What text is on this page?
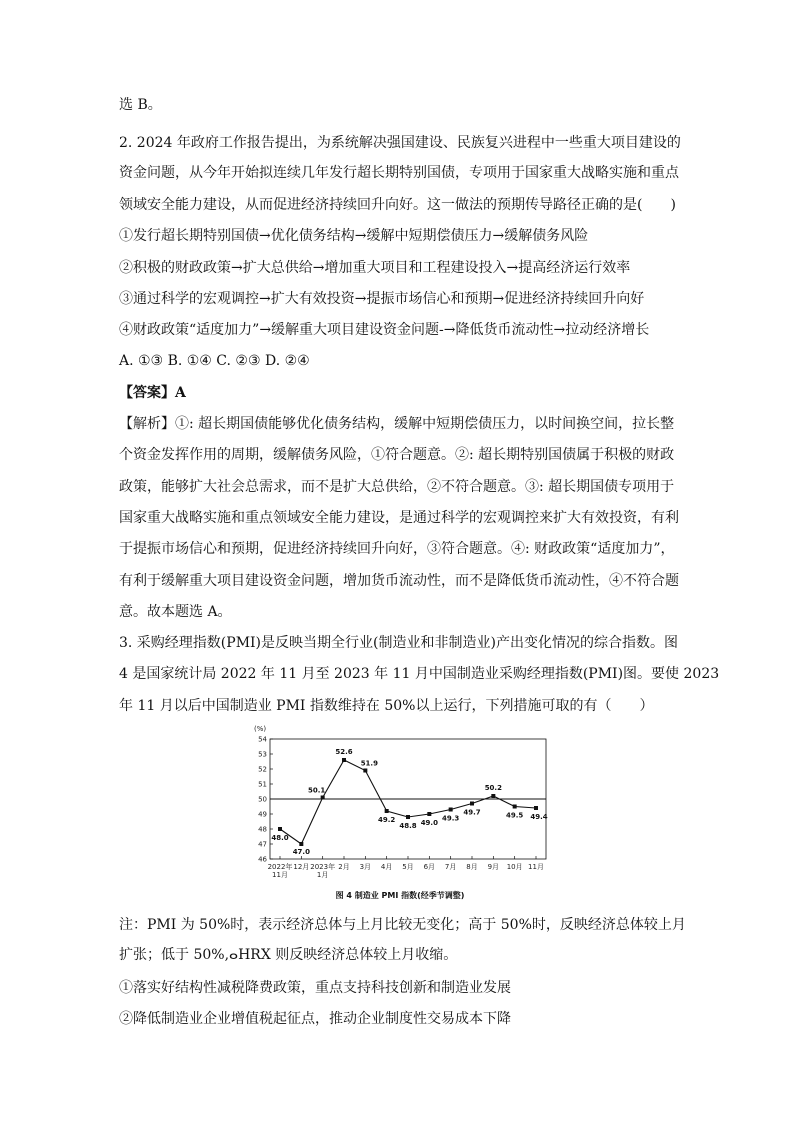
选 B。
2. 2024 年政府工作报告提出，为系统解决强国建设、民族复兴进程中一些重大项目建设的
资金问题，从今年开始拟连续几年发行超长期特别国债，专项用于国家重大战略实施和重点
领域安全能力建设，从而促进经济持续回升向好。这一做法的预期传导路径正确的是(　　)
①发行超长期特别国债→优化债务结构→缓解中短期偿债压力→缓解债务风险
②积极的财政政策→扩大总供给→增加重大项目和工程建设投入→提高经济运行效率
③通过科学的宏观调控→扩大有效投资→提振市场信心和预期→促进经济持续回升向好
④财政政策“适度加力”→缓解重大项目建设资金问题-→降低货币流动性→拉动经济增长
A. ①③ B. ①④ C. ②③ D. ②④
【答案】A
【解析】①: 超长期国债能够优化债务结构，缓解中短期偿债压力，以时间换空间，拉长整
个资金发挥作用的周期，缓解债务风险，①符合题意。②: 超长期特别国债属于积极的财政
政策，能够扩大社会总需求，而不是扩大总供给，②不符合题意。③: 超长期国债专项用于
国家重大战略实施和重点领域安全能力建设，是通过科学的宏观调控来扩大有效投资，有利
于提振市场信心和预期，促进经济持续回升向好，③符合题意。④: 财政政策“适度加力”，
有利于缓解重大项目建设资金问题，增加货币流动性，而不是降低货币流动性，④不符合题
意。故本题选 A。
3. 采购经理指数(PMI)是反映当期全行业(制造业和非制造业)产出变化情况的综合指数。图
4 是国家统计局 2022 年 11 月至 2023 年 11 月中国制造业采购经理指数(PMI)图。要使 2023
年 11 月以后中国制造业 PMI 指数维持在 50%以上运行，下列措施可取的有（　　）
(%)
46
47
48
49
50
51
52
53
54
2022年
11月
12月 2023年
1月
2月 3月 4月 5月 6月 7月 8月 9月 10月 11月
48.0
47.0
50.1
52.6
51.9
49.2
48.8 49.0
49.3
49.7
50.2
49.5 49.4
图 4 制造业 PMI 指数(经季节调整)
注：PMI 为 50%时，表示经济总体与上月比较无变化；高于 50%时，反映经济总体较上月
扩张；低于 50%,ⴰHRX 则反映经济总体较上月收缩。
①落实好结构性减税降费政策，重点支持科技创新和制造业发展
②降低制造业企业增值税起征点，推动企业制度性交易成本下降
